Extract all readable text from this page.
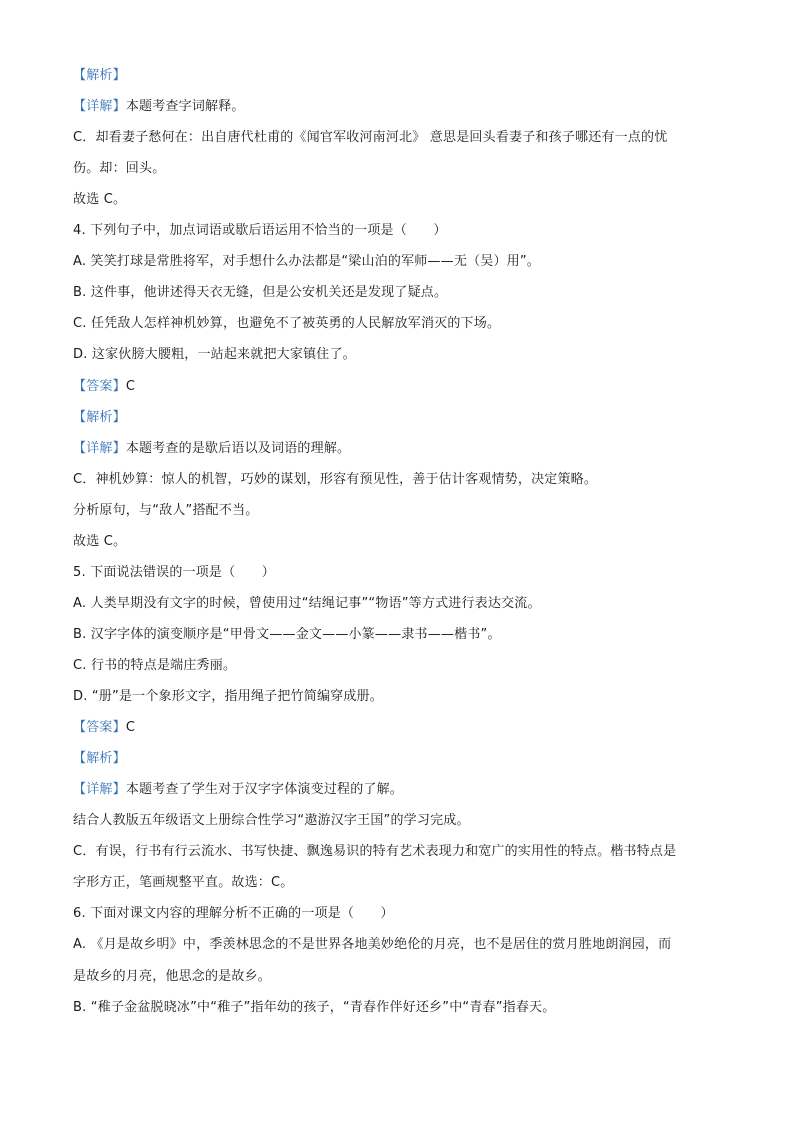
【解析】
【详解】本题考查字词解释。
C．却看妻子愁何在：出自唐代杜甫的《闻官军收河南河北》 意思是回头看妻子和孩子哪还有一点的忧
伤。却：回头。
故选 C。
4. 下列句子中，加点词语或歇后语运用不恰当的一项是（　　）
A. 笑笑打球是常胜将军，对手想什么办法都是“梁山泊的军师——无（吴）用”。
B. 这件事，他讲述得天衣无缝，但是公安机关还是发现了疑点。
C. 任凭敌人怎样神机妙算，也避免不了被英勇的人民解放军消灭的下场。
D. 这家伙膀大腰粗，一站起来就把大家镇住了。
【答案】C
【解析】
【详解】本题考查的是歇后语以及词语的理解。
C．神机妙算：惊人的机智，巧妙的谋划，形容有预见性，善于估计客观情势，决定策略。
分析原句，与“敌人”搭配不当。
故选 C。
5. 下面说法错误的一项是（　　）
A. 人类早期没有文字的时候，曾使用过“结绳记事”“物语”等方式进行表达交流。
B. 汉字字体的演变顺序是“甲骨文——金文——小篆——隶书——楷书”。
C. 行书的特点是端庄秀丽。
D. “册”是一个象形文字，指用绳子把竹简编穿成册。
【答案】C
【解析】
【详解】本题考查了学生对于汉字字体演变过程的了解。
结合人教版五年级语文上册综合性学习“遨游汉字王国”的学习完成。
C．有误，行书有行云流水、书写快捷、飘逸易识的特有艺术表现力和宽广的实用性的特点。楷书特点是
字形方正，笔画规整平直。故选：C。
6. 下面对课文内容的理解分析不正确的一项是（　　）
A. 《月是故乡明》中，季羡林思念的不是世界各地美妙绝伦的月亮，也不是居住的赏月胜地朗润园，而
是故乡的月亮，他思念的是故乡。
B. “稚子金盆脱晓冰”中“稚子”指年幼的孩子，“青春作伴好还乡”中“青春”指春天。
